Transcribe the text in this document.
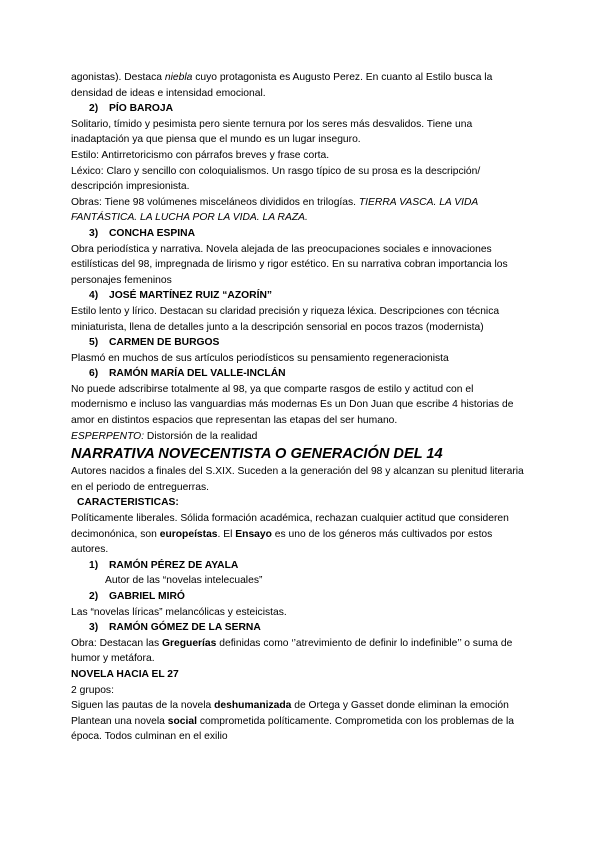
agonistas). Destaca niebla cuyo protagonista es Augusto Perez. En cuanto al Estilo busca la densidad de ideas e intensidad emocional.

2) PÍO BAROJA

Solitario, tímido y pesimista pero siente ternura por los seres más desvalidos. Tiene una inadaptación ya que piensa que el mundo es un lugar inseguro.

Estilo: Antirretoricismo con párrafos breves y frase corta.

Léxico: Claro y sencillo con coloquialismos. Un rasgo típico de su prosa es la descripción/ descripción impresionista.

Obras: Tiene 98 volúmenes misceláneos divididos en trilogías. TIERRA VASCA. LA VIDA FANTÁSTICA. LA LUCHA POR LA VIDA. LA RAZA.

3) CONCHA ESPINA

Obra periodística y narrativa. Novela alejada de las preocupaciones sociales e innovaciones estilísticas del 98, impregnada de lirismo y rigor estético. En su narrativa cobran importancia los personajes femeninos

4) JOSÉ MARTÍNEZ RUIZ “AZORÍN”

Estilo lento y lírico. Destacan su claridad precisión y riqueza léxica. Descripciones con técnica miniaturista, llena de detalles junto a la descripción sensorial en pocos trazos (modernista)

5) CARMEN DE BURGOS

Plasmó en muchos de sus artículos periodísticos su pensamiento regeneracionista

6) RAMÓN MARÍA DEL VALLE-INCLÁN

No puede adscribirse totalmente al 98, ya que comparte rasgos de estilo y actitud con el modernismo e incluso las vanguardias más modernas Es un Don Juan que escribe 4 historias de amor en distintos espacios que representan las etapas del ser humano.

ESPERPENTO: Distorsión de la realidad

NARRATIVA NOVECENTISTA O GENERACIÓN DEL 14

Autores nacidos a finales del S.XIX. Suceden a la generación del 98 y alcanzan su plenitud literaria en el periodo de entreguerras.

CARACTERISTICAS:

Políticamente liberales. Sólida formación académica, rechazan cualquier actitud que consideren decimonónica, son europeístas. El Ensayo es uno de los géneros más cultivados por estos autores.

1) RAMÓN PÉREZ DE AYALA

Autor de las “novelas intelecuales”

2) GABRIEL MIRÓ

Las “novelas líricas” melancólicas y esteicistas.

3) RAMÓN GÓMEZ DE LA SERNA

Obra: Destacan las Greguerías definidas como ‘’atrevimiento de definir lo indefinible’’ o suma de humor y metáfora.

NOVELA HACIA EL 27

2 grupos:

Siguen las pautas de la novela deshumanizada de Ortega y Gasset donde eliminan la emoción

Plantean una novela social comprometida políticamente. Comprometida con los problemas de la época. Todos culminan en el exilio
